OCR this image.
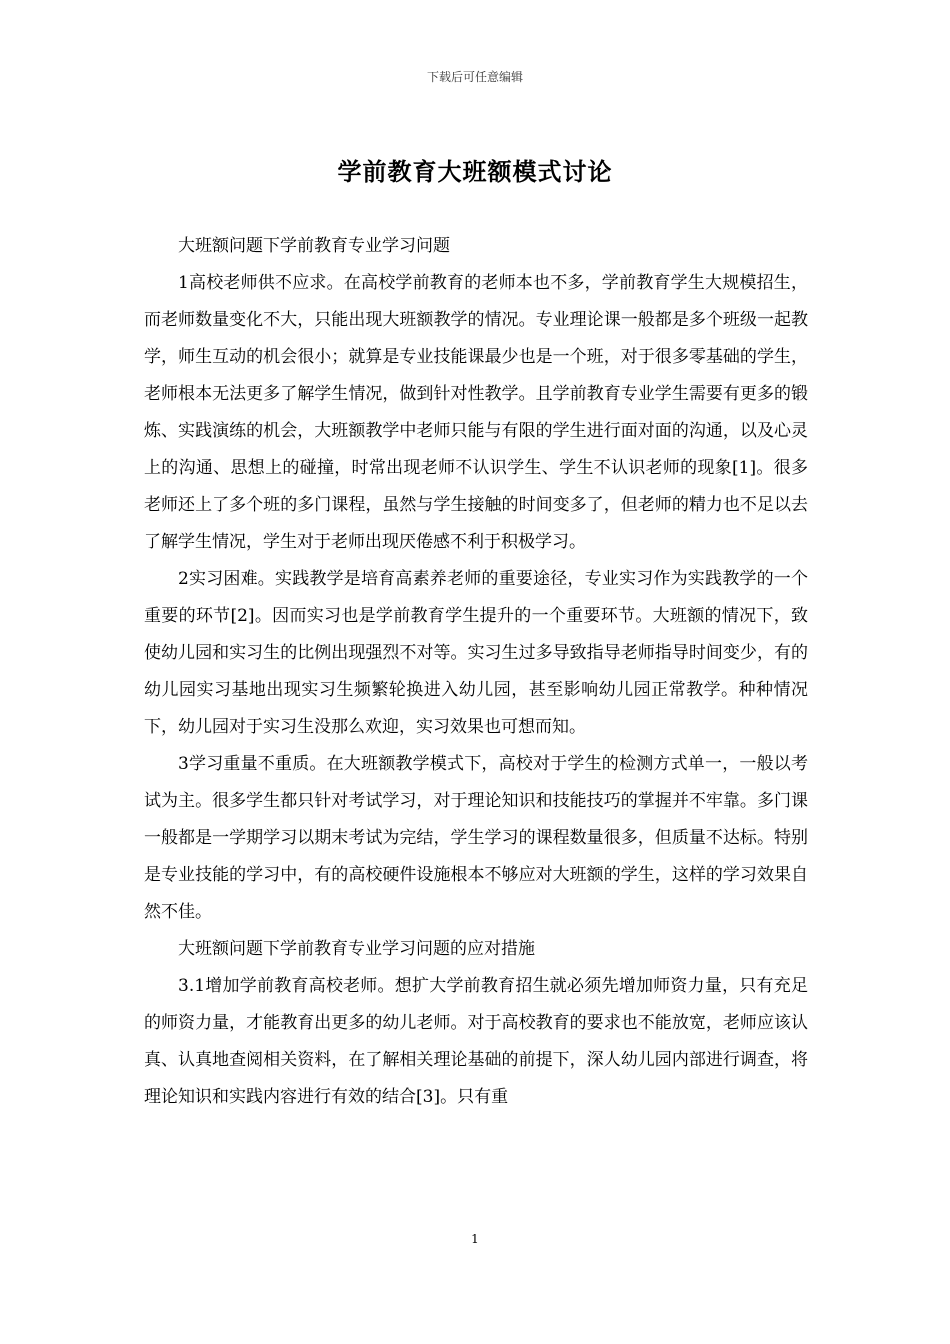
下载后可任意编辑
学前教育大班额模式讨论

大班额问题下学前教育专业学习问题

1高校老师供不应求。在高校学前教育的老师本也不多，学前教育学生大规模招生，而老师数量变化不大，只能出现大班额教学的情况。专业理论课一般都是多个班级一起教学，师生互动的机会很小；就算是专业技能课最少也是一个班，对于很多零基础的学生，老师根本无法更多了解学生情况，做到针对性教学。且学前教育专业学生需要有更多的锻炼、实践演练的机会，大班额教学中老师只能与有限的学生进行面对面的沟通，以及心灵上的沟通、思想上的碰撞，时常出现老师不认识学生、学生不认识老师的现象[1]。很多老师还上了多个班的多门课程，虽然与学生接触的时间变多了，但老师的精力也不足以去了解学生情况，学生对于老师出现厌倦感不利于积极学习。

2实习困难。实践教学是培育高素养老师的重要途径，专业实习作为实践教学的一个重要的环节[2]。因而实习也是学前教育学生提升的一个重要环节。大班额的情况下，致使幼儿园和实习生的比例出现强烈不对等。实习生过多导致指导老师指导时间变少，有的幼儿园实习基地出现实习生频繁轮换进入幼儿园，甚至影响幼儿园正常教学。种种情况下，幼儿园对于实习生没那么欢迎，实习效果也可想而知。

3学习重量不重质。在大班额教学模式下，高校对于学生的检测方式单一，一般以考试为主。很多学生都只针对考试学习，对于理论知识和技能技巧的掌握并不牢靠。多门课一般都是一学期学习以期末考试为完结，学生学习的课程数量很多，但质量不达标。特别是专业技能的学习中，有的高校硬件设施根本不够应对大班额的学生，这样的学习效果自然不佳。

大班额问题下学前教育专业学习问题的应对措施

3.1增加学前教育高校老师。想扩大学前教育招生就必须先增加师资力量，只有充足的师资力量，才能教育出更多的幼儿老师。对于高校教育的要求也不能放宽，老师应该认真、认真地查阅相关资料，在了解相关理论基础的前提下，深人幼儿园内部进行调查，将理论知识和实践内容进行有效的结合[3]。只有重

1
